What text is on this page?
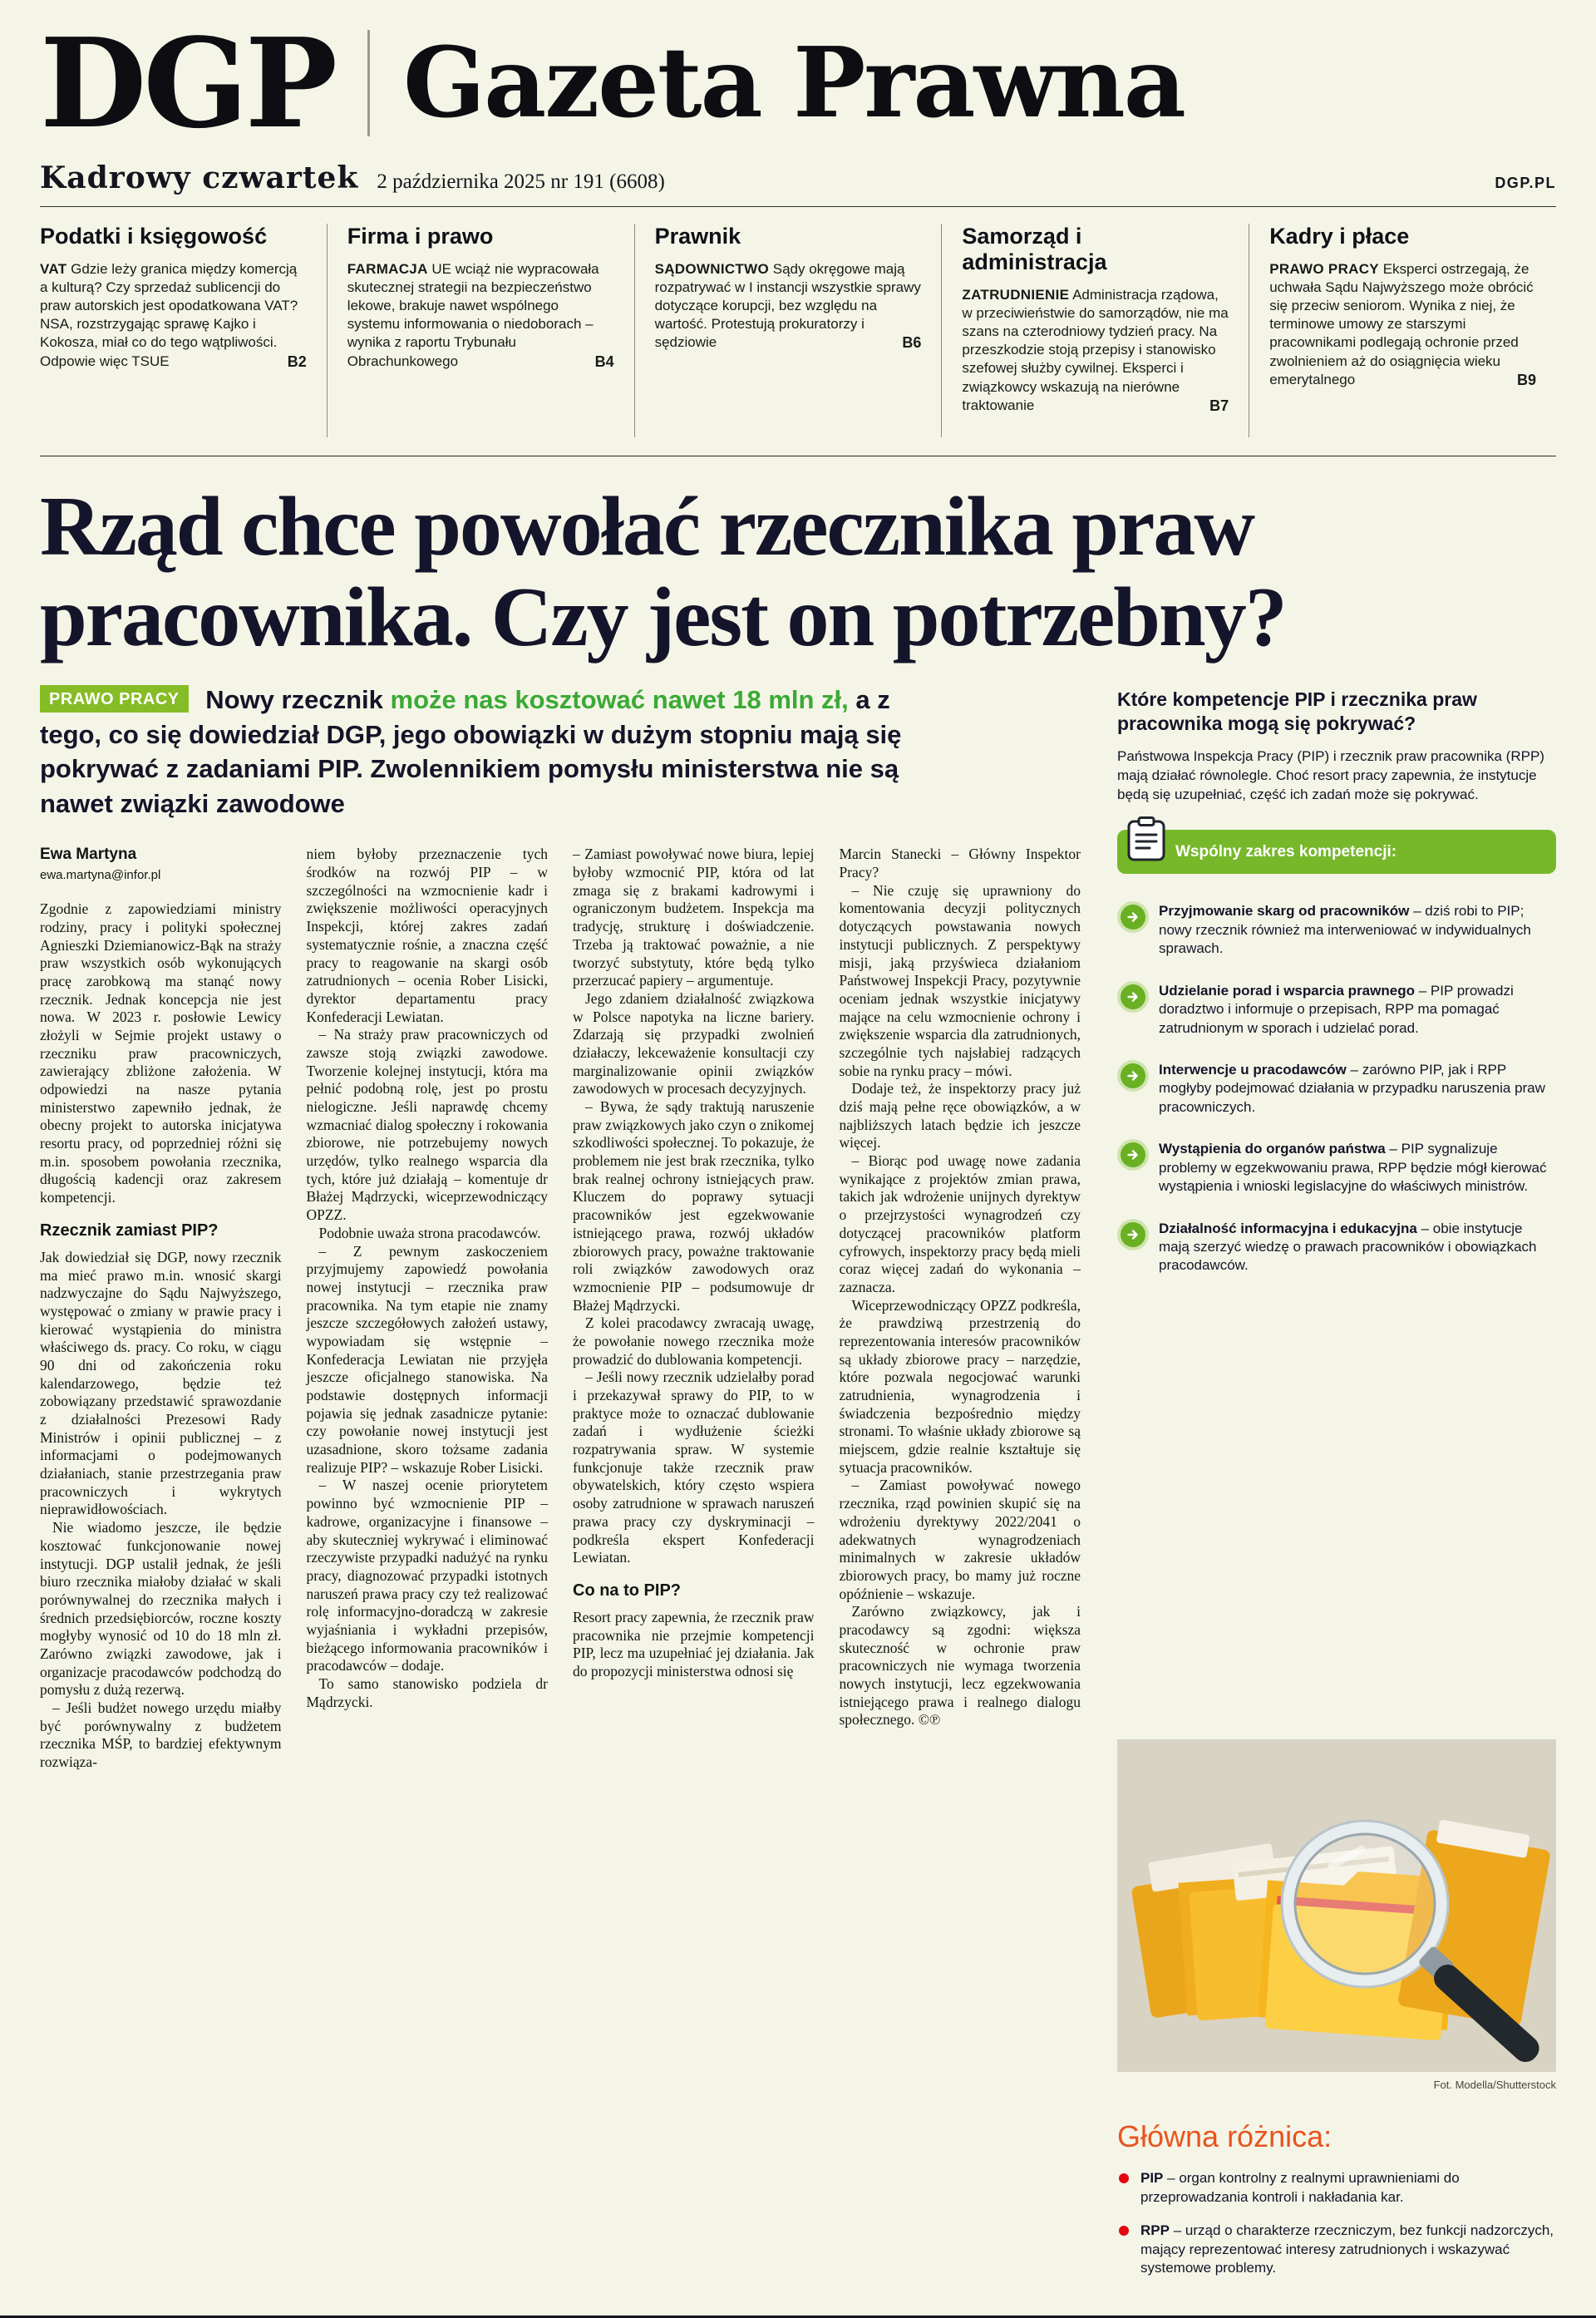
DGP Gazeta Prawna
Kadrowy czwartek 2 października 2025 nr 191 (6608)	DGP.PL
Podatki i księgowość

VAT Gdzie leży granica między komercją a kulturą? Czy sprzedaż sublicencji do praw autorskich jest opodatkowana VAT? NSA, rozstrzygając sprawę Kajko i Kokosza, miał co do tego wątpliwości. Odpowie więc TSUE	B2

Firma i prawo

FARMACJA UE wciąż nie wypracowała skutecznej strategii na bezpieczeństwo lekowe, brakuje nawet wspólnego systemu informowania o niedoborach – wynika z raportu Trybunału Obrachunkowego	B4

Prawnik

SĄDOWNICTWO Sądy okręgowe mają rozpatrywać w I instancji wszystkie sprawy dotyczące korupcji, bez względu na wartość. Protestują prokuratorzy i sędziowie	B6

Samorząd i administracja

ZATRUDNIENIE Administracja rządowa, w przeciwieństwie do samorządów, nie ma szans na czterodniowy tydzień pracy. Na przeszkodzie stoją przepisy i stanowisko szefowej służby cywilnej. Eksperci i związkowcy wskazują na nierówne traktowanie	B7

Kadry i płace

PRAWO PRACY Eksperci ostrzegają, że uchwała Sądu Najwyższego może obrócić się przeciw seniorom. Wynika z niej, że terminowe umowy ze starszymi pracownikami podlegają ochronie przed zwolnieniem aż do osiągnięcia wieku emerytalnego	B9

Rząd chce powołać rzecznika praw pracownika. Czy jest on potrzebny?

PRAWO PRACY Nowy rzecznik może nas kosztować nawet 18 mln zł, a z tego, co się dowiedział DGP, jego obowiązki w dużym stopniu mają się pokrywać z zadaniami PIP. Zwolennikiem pomysłu ministerstwa nie są nawet związki zawodowe

Ewa Martyna
ewa.martyna@infor.pl
Zgodnie z zapowiedziami ministry rodziny, pracy i polityki społecznej Agnieszki Dziemianowicz-Bąk na straży praw wszystkich osób wykonujących pracę zarobkową ma stanąć nowy rzecznik. Jednak koncepcja nie jest nowa. W 2023 r. posłowie Lewicy złożyli w Sejmie projekt ustawy o rzeczniku praw pracowniczych, zawierający zbliżone założenia. W odpowiedzi na nasze pytania ministerstwo zapewniło jednak, że obecny projekt to autorska inicjatywa resortu pracy, od poprzedniej różni się m.in. sposobem powołania rzecznika, długością kadencji oraz zakresem kompetencji.
Rzecznik zamiast PIP?
Jak dowiedział się DGP, nowy rzecznik ma mieć prawo m.in. wnosić skargi nadzwyczajne do Sądu Najwyższego, występować o zmiany w prawie pracy i kierować wystąpienia do ministra właściwego ds. pracy. Co roku, w ciągu 90 dni od zakończenia roku kalendarzowego, będzie też zobowiązany przedstawić sprawozdanie z działalności Prezesowi Rady Ministrów i opinii publicznej – z informacjami o podejmowanych działaniach, stanie przestrzegania praw pracowniczych i wykrytych nieprawidłowościach.
Nie wiadomo jeszcze, ile będzie kosztować funkcjonowanie nowej instytucji. DGP ustalił jednak, że jeśli biuro rzecznika miałoby działać w skali porównywalnej do rzecznika małych i średnich przedsiębiorców, roczne koszty mogłyby wynosić od 10 do 18 mln zł. Zarówno związki zawodowe, jak i organizacje pracodawców podchodzą do pomysłu z dużą rezerwą.
– Jeśli budżet nowego urzędu miałby być porównywalny z budżetem rzecznika MŚP, to bardziej efektywnym rozwiąza-
niem byłoby przeznaczenie tych środków na rozwój PIP – w szczególności na wzmocnienie kadr i zwiększenie możliwości operacyjnych Inspekcji, której zakres zadań systematycznie rośnie, a znaczna część pracy to reagowanie na skargi osób zatrudnionych – ocenia Rober Lisicki, dyrektor departamentu pracy Konfederacji Lewiatan.
– Na straży praw pracowniczych od zawsze stoją związki zawodowe. Tworzenie kolejnej instytucji, która ma pełnić podobną rolę, jest po prostu nielogiczne. Jeśli naprawdę chcemy wzmacniać dialog społeczny i rokowania zbiorowe, nie potrzebujemy nowych urzędów, tylko realnego wsparcia dla tych, które już działają – komentuje dr Błażej Mądrzycki, wiceprzewodniczący OPZZ.
Podobnie uważa strona pracodawców.
– Z pewnym zaskoczeniem przyjmujemy zapowiedź powołania nowej instytucji – rzecznika praw pracownika. Na tym etapie nie znamy jeszcze szczegółowych założeń ustawy, wypowiadam się wstępnie – Konfederacja Lewiatan nie przyjęła jeszcze oficjalnego stanowiska. Na podstawie dostępnych informacji pojawia się jednak zasadnicze pytanie: czy powołanie nowej instytucji jest uzasadnione, skoro tożsame zadania realizuje PIP? – wskazuje Rober Lisicki.
– W naszej ocenie priorytetem powinno być wzmocnienie PIP – kadrowe, organizacyjne i finansowe – aby skuteczniej wykrywać i eliminować rzeczywiste przypadki nadużyć na rynku pracy, diagnozować przypadki istotnych naruszeń prawa pracy czy też realizować rolę informacyjno-doradczą w zakresie wyjaśniania i wykładni przepisów, bieżącego informowania pracowników i pracodawców – dodaje.
To samo stanowisko podziela dr Mądrzycki.
– Zamiast powoływać nowe biura, lepiej byłoby wzmocnić PIP, która od lat zmaga się z brakami kadrowymi i ograniczonym budżetem. Inspekcja ma tradycję, strukturę i doświadczenie. Trzeba ją traktować poważnie, a nie tworzyć substytuty, które będą tylko przerzucać papiery – argumentuje.
Jego zdaniem działalność związkowa w Polsce napotyka na liczne bariery. Zdarzają się przypadki zwolnień działaczy, lekceważenie konsultacji czy marginalizowanie opinii związków zawodowych w procesach decyzyjnych.
– Bywa, że sądy traktują naruszenie praw związkowych jako czyn o znikomej szkodliwości społecznej. To pokazuje, że problemem nie jest brak rzecznika, tylko brak realnej ochrony istniejących praw. Kluczem do poprawy sytuacji pracowników jest egzekwowanie istniejącego prawa, rozwój układów zbiorowych pracy, poważne traktowanie roli związków zawodowych oraz wzmocnienie PIP – podsumowuje dr Błażej Mądrzycki.
Z kolei pracodawcy zwracają uwagę, że powołanie nowego rzecznika może prowadzić do dublowania kompetencji.
– Jeśli nowy rzecznik udzielałby porad i przekazywał sprawy do PIP, to w praktyce może to oznaczać dublowanie zadań i wydłużenie ścieżki rozpatrywania spraw. W systemie funkcjonuje także rzecznik praw obywatelskich, który często wspiera osoby zatrudnione w sprawach naruszeń prawa pracy czy dyskryminacji – podkreśla ekspert Konfederacji Lewiatan.
Co na to PIP?
Resort pracy zapewnia, że rzecznik praw pracownika nie przejmie kompetencji PIP, lecz ma uzupełniać jej działania. Jak do propozycji ministerstwa odnosi się
Marcin Stanecki – Główny Inspektor Pracy?
– Nie czuję się uprawniony do komentowania decyzji politycznych dotyczących powstawania nowych instytucji publicznych. Z perspektywy misji, jaką przyświeca działaniom Państwowej Inspekcji Pracy, pozytywnie oceniam jednak wszystkie inicjatywy mające na celu wzmocnienie ochrony i zwiększenie wsparcia dla zatrudnionych, szczególnie tych najsłabiej radzących sobie na rynku pracy – mówi.
Dodaje też, że inspektorzy pracy już dziś mają pełne ręce obowiązków, a w najbliższych latach będzie ich jeszcze więcej.
– Biorąc pod uwagę nowe zadania wynikające z projektów zmian prawa, takich jak wdrożenie unijnych dyrektyw o przejrzystości wynagrodzeń czy dotyczącej pracowników platform cyfrowych, inspektorzy pracy będą mieli coraz więcej zadań do wykonania – zaznacza.
Wiceprzewodniczący OPZZ podkreśla, że prawdziwą przestrzenią do reprezentowania interesów pracowników są układy zbiorowe pracy – narzędzie, które pozwala negocjować warunki zatrudnienia, wynagrodzenia i świadczenia bezpośrednio między stronami. To właśnie układy zbiorowe są miejscem, gdzie realnie kształtuje się sytuacja pracowników.
– Zamiast powoływać nowego rzecznika, rząd powinien skupić się na wdrożeniu dyrektywy 2022/2041 o adekwatnych wynagrodzeniach minimalnych w zakresie układów zbiorowych pracy, bo mamy już roczne opóźnienie – wskazuje.
Zarówno związkowcy, jak i pracodawcy są zgodni: większa skuteczność w ochronie praw pracowniczych nie wymaga tworzenia nowych instytucji, lecz egzekwowania istniejącego prawa i realnego dialogu społecznego. ©℗
Które kompetencje PIP i rzecznika praw pracownika mogą się pokrywać?

Państwowa Inspekcja Pracy (PIP) i rzecznik praw pracownika (RPP) mają działać równolegle. Choć resort pracy zapewnia, że instytucje będą się uzupełniać, część ich zadań może się pokrywać.

Wspólny zakres kompetencji:
Przyjmowanie skarg od pracowników – dziś robi to PIP; nowy rzecznik również ma interweniować w indywidualnych sprawach.
Udzielanie porad i wsparcia prawnego – PIP prowadzi doradztwo i informuje o przepisach, RPP ma pomagać zatrudnionym w sporach i udzielać porad.
Interwencje u pracodawców – zarówno PIP, jak i RPP mogłyby podejmować działania w przypadku naruszenia praw pracowniczych.
Wystąpienia do organów państwa – PIP sygnalizuje problemy w egzekwowaniu prawa, RPP będzie mógł kierować wystąpienia i wnioski legislacyjne do właściwych ministrów.
Działalność informacyjna i edukacyjna – obie instytucje mają szerzyć wiedzę o prawach pracowników i obowiązkach pracodawców.
Fot. Modella/Shutterstock
Główna różnica:
PIP – organ kontrolny z realnymi uprawnieniami do przeprowadzania kontroli i nakładania kar.
RPP – urząd o charakterze rzeczniczym, bez funkcji nadzorczych, mający reprezentować interesy zatrudnionych i wskazywać systemowe problemy.
